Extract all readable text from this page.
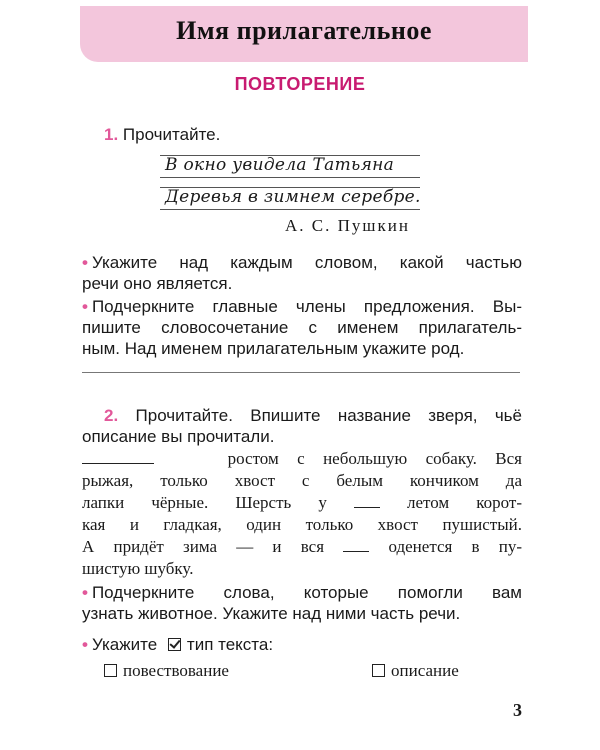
Имя прилагательное
ПОВТОРЕНИЕ
1. Прочитайте.
В окно увидела Татьяна
Деревья в зимнем серебре.
А. С. Пушкин
• Укажите над каждым словом, какой частью
речи оно является.
• Подчеркните главные члены предложения. Вы-
пишите словосочетание с именем прилагатель-
ным. Над именем прилагательным укажите род.
2. Прочитайте. Впишите название зверя, чьё
описание вы прочитали.
ростом с небольшую собаку. Вся
рыжая, только хвост с белым кончиком да
лапки чёрные. Шерсть у	летом корот-
кая и гладкая, один только хвост пушистый.
А придёт зима — и вся	оденется в пу-
шистую шубку.
• Подчеркните слова, которые помогли вам
узнать животное. Укажите над ними часть речи.
• Укажите тип текста:
повествование	описание
3
